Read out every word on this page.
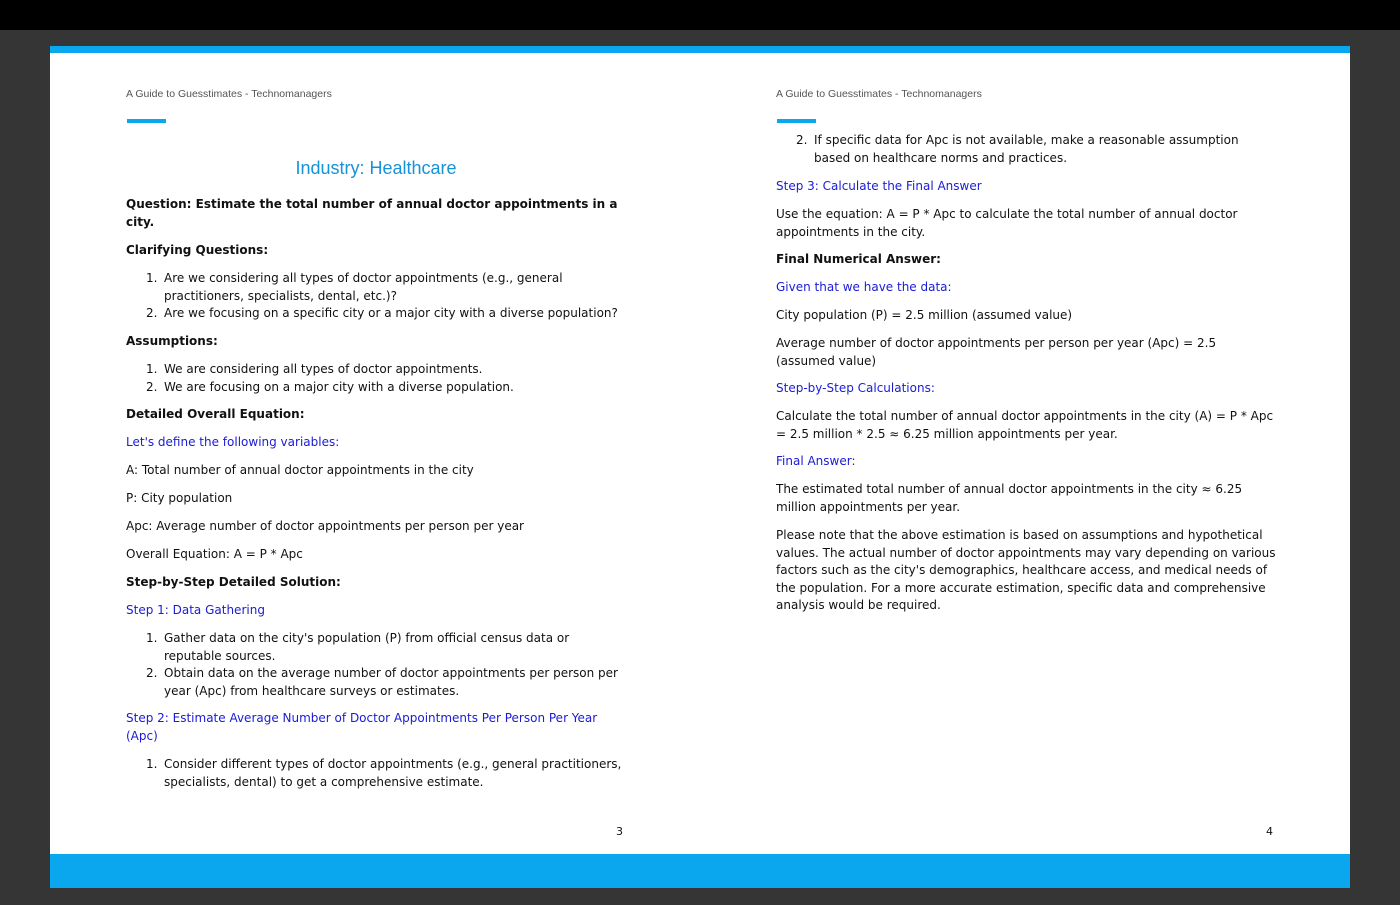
A Guide to Guesstimates - Technomanagers
Industry: Healthcare

Question: Estimate the total number of annual doctor appointments in a city.

Clarifying Questions:

1. Are we considering all types of doctor appointments (e.g., general practitioners, specialists, dental, etc.)?
2. Are we focusing on a specific city or a major city with a diverse population?

Assumptions:

1. We are considering all types of doctor appointments.
2. We are focusing on a major city with a diverse population.

Detailed Overall Equation:

Let's define the following variables:

A: Total number of annual doctor appointments in the city

P: City population

Apc: Average number of doctor appointments per person per year

Overall Equation: A = P * Apc

Step-by-Step Detailed Solution:

Step 1: Data Gathering

1. Gather data on the city's population (P) from official census data or reputable sources.
2. Obtain data on the average number of doctor appointments per person per year (Apc) from healthcare surveys or estimates.

Step 2: Estimate Average Number of Doctor Appointments Per Person Per Year (Apc)

1. Consider different types of doctor appointments (e.g., general practitioners, specialists, dental) to get a comprehensive estimate.
3
A Guide to Guesstimates - Technomanagers
2. If specific data for Apc is not available, make a reasonable assumption based on healthcare norms and practices.

Step 3: Calculate the Final Answer

Use the equation: A = P * Apc to calculate the total number of annual doctor appointments in the city.

Final Numerical Answer:

Given that we have the data:

City population (P) = 2.5 million (assumed value)

Average number of doctor appointments per person per year (Apc) = 2.5 (assumed value)

Step-by-Step Calculations:

Calculate the total number of annual doctor appointments in the city (A) = P * Apc = 2.5 million * 2.5 ≈ 6.25 million appointments per year.

Final Answer:

The estimated total number of annual doctor appointments in the city ≈ 6.25 million appointments per year.

Please note that the above estimation is based on assumptions and hypothetical values. The actual number of doctor appointments may vary depending on various factors such as the city's demographics, healthcare access, and medical needs of the population. For a more accurate estimation, specific data and comprehensive analysis would be required.

4
